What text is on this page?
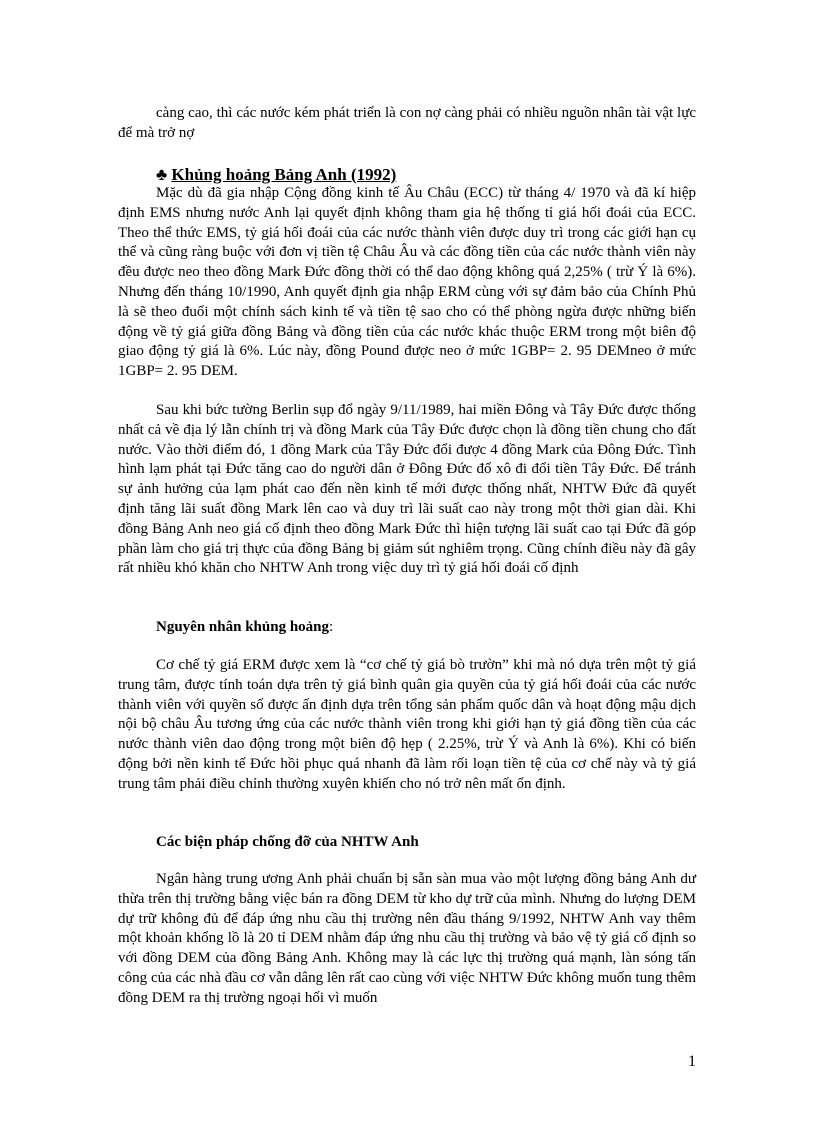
càng cao, thì các nước kém phát triển là con nợ càng phải có nhiều nguồn nhân tài vật lực để mà trở nợ
♣ Khủng hoảng Bảng Anh (1992)
Mặc dù đã gia nhập Cộng đồng kinh tế Âu Châu (ECC) từ tháng 4/ 1970 và đã kí hiệp định EMS nhưng nước Anh lại quyết định không tham gia hệ thống tỉ giá hối đoái của ECC. Theo thể thức EMS, tỷ giá hối đoái của các nước thành viên được duy trì trong các giới hạn cụ thể và cũng ràng buộc với đơn vị tiền tệ Châu Âu và các đồng tiền của các nước thành viên này đều được neo theo đồng Mark Đức đồng thời có thể dao động không quá 2,25% ( trừ Ý là 6%). Nhưng đến tháng 10/1990, Anh quyết định gia nhập ERM cùng với sự đảm bảo của Chính Phủ là sẽ theo đuổi một chính sách kinh tế và tiền tệ sao cho có thể phòng ngừa được những biến động về tỷ giá giữa đồng Bảng và đồng tiền của các nước khác thuộc ERM trong một biên độ giao động tỷ giá là 6%. Lúc này, đồng Pound được neo ở mức 1GBP= 2. 95 DEMneo ở mức 1GBP= 2. 95 DEM.
Sau khi bức tường Berlin sụp đổ ngày 9/11/1989, hai miền Đông và Tây Đức được thống nhất cả về địa lý lẫn chính trị và đồng Mark của Tây Đức được chọn là đồng tiền chung cho đất nước. Vào thời điểm đó, 1 đồng Mark của Tây Đức đổi được 4 đồng Mark của Đông Đức. Tình hình lạm phát tại Đức tăng cao do người dân ở Đông Đức đổ xô đi đổi tiền Tây Đức. Để tránh sự ảnh hưởng của lạm phát cao đến nền kinh tế mới được thống nhất, NHTW Đức đã quyết định tăng lãi suất đồng Mark lên cao và duy trì lãi suất cao này trong một thời gian dài. Khi đồng Bảng Anh neo giá cố định theo đồng Mark Đức thì hiện tượng lãi suất cao tại Đức đã góp phần làm cho giá trị thực của đồng Bảng bị giảm sút nghiêm trọng. Cũng chính điều này đã gây rất nhiều khó khăn cho NHTW Anh trong việc duy trì tỷ giá hối đoái cố định
Nguyên nhân khủng hoảng:
Cơ chế tỷ giá ERM được xem là “cơ chế tỷ giá bò trườn” khi mà nó dựa trên một tỷ giá trung tâm, được tính toán dựa trên tỷ giá bình quân gia quyền của tỷ giá hối đoái của các nước thành viên với quyền số được ấn định dựa trên tổng sản phẩm quốc dân và hoạt động mậu dịch nội bộ châu Âu tương ứng của các nước thành viên trong khi giới hạn tỷ giá đồng tiền của các nước thành viên dao động trong một biên độ hẹp ( 2.25%, trừ Ý và Anh là 6%). Khi có biến động bởi nền kinh tế Đức hồi phục quá nhanh đã làm rối loạn tiền tệ của cơ chế này và tỷ giá trung tâm phải điều chỉnh thường xuyên khiến cho nó trở nên mất ổn định.
Các biện pháp chống đỡ của NHTW Anh
Ngân hàng trung ương Anh phải chuẩn bị sẵn sàn mua vào một lượng đồng bảng Anh dư thừa trên thị trường bằng việc bán ra đồng DEM từ kho dự trữ của mình. Nhưng do lượng DEM dự trữ không đủ để đáp ứng nhu cầu thị trường nên đầu tháng 9/1992, NHTW Anh vay thêm một khoản khổng lồ là 20 tỉ DEM nhằm đáp ứng nhu cầu thị trường và bảo vệ tỷ giá cố định so với đồng DEM của đồng Bảng Anh. Không may là các lực thị trường quá mạnh, làn sóng tấn công của các nhà đầu cơ vẫn dâng lên rất cao cùng với việc NHTW Đức không muốn tung thêm đồng DEM ra thị trường ngoại hối vì muốn
1
